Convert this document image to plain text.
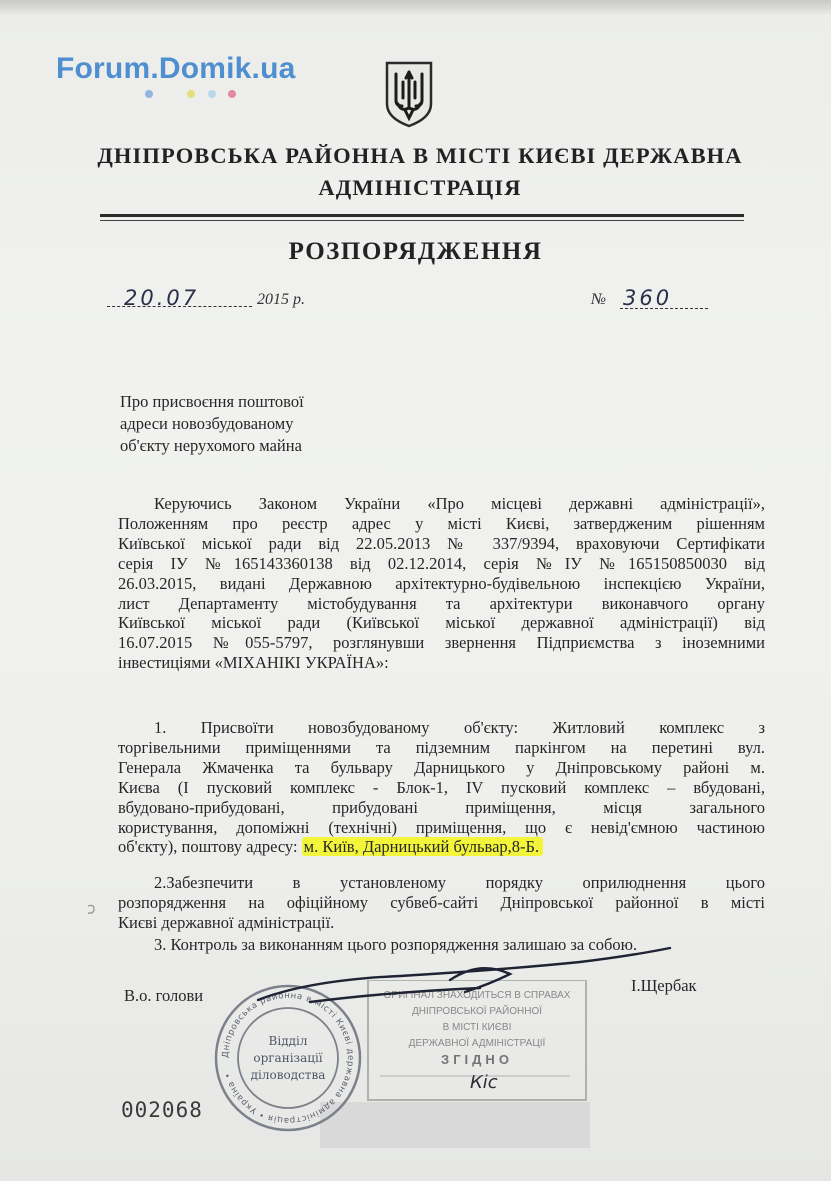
Forum.Domik.ua
ДНІПРОВСЬКА РАЙОННА В МІСТІ КИЄВІ ДЕРЖАВНА
АДМІНІСТРАЦІЯ
РОЗПОРЯДЖЕННЯ
20.07	2015 р.	№ 360
Про присвоєння поштової
адреси новозбудованому
об'єкту нерухомого майна
Керуючись Законом України «Про місцеві державні адміністрації»,
Положенням про реєстр адрес у місті Києві, затвердженим рішенням
Київської міської ради від 22.05.2013 № 337/9394, враховуючи Сертифікати
серія ІУ №165143360138 від 02.12.2014, серія №ІУ №165150850030 від
26.03.2015, видані Державною архітектурно-будівельною інспекцією України,
лист Департаменту містобудування та архітектури виконавчого органу
Київської міської ради (Київської міської державної адміністрації) від
16.07.2015 №055-5797, розглянувши звернення Підприємства з іноземними
інвестиціями «МІХАНІКІ УКРАЇНА»:
1. Присвоїти новозбудованому об'єкту: Житловий комплекс з
торгівельними приміщеннями та підземним паркінгом на перетині вул.
Генерала Жмаченка та бульвару Дарницького у Дніпровському районі м.
Києва (І пусковий комплекс - Блок-1, IV пусковий комплекс – вбудовані,
вбудовано-прибудовані, прибудовані приміщення, місця загального
користування, допоміжні (технічні) приміщення, що є невід'ємною частиною
об'єкту), поштову адресу: м. Київ, Дарницький бульвар,8-Б.
2.Забезпечити в установленому порядку оприлюднення цього
розпорядження на офіційному субвеб-сайті Дніпровської районної в місті
Києві державної адміністрації.
3. Контроль за виконанням цього розпорядження залишаю за собою.
В.о. голови
І.Щербак
ОРИГІНАЛ ЗНАХОДИТЬСЯ В СПРАВАХ
ДНІПРОВСЬКОЇ РАЙОННОЇ
В МІСТІ КИЄВІ
ДЕРЖАВНОЇ АДМІНІСТРАЦІЇ
ЗГІДНО
Кіс
Дніпровська районна в місті Києві державна адміністрація • Україна •
Відділ
організації
діловодства
002068
